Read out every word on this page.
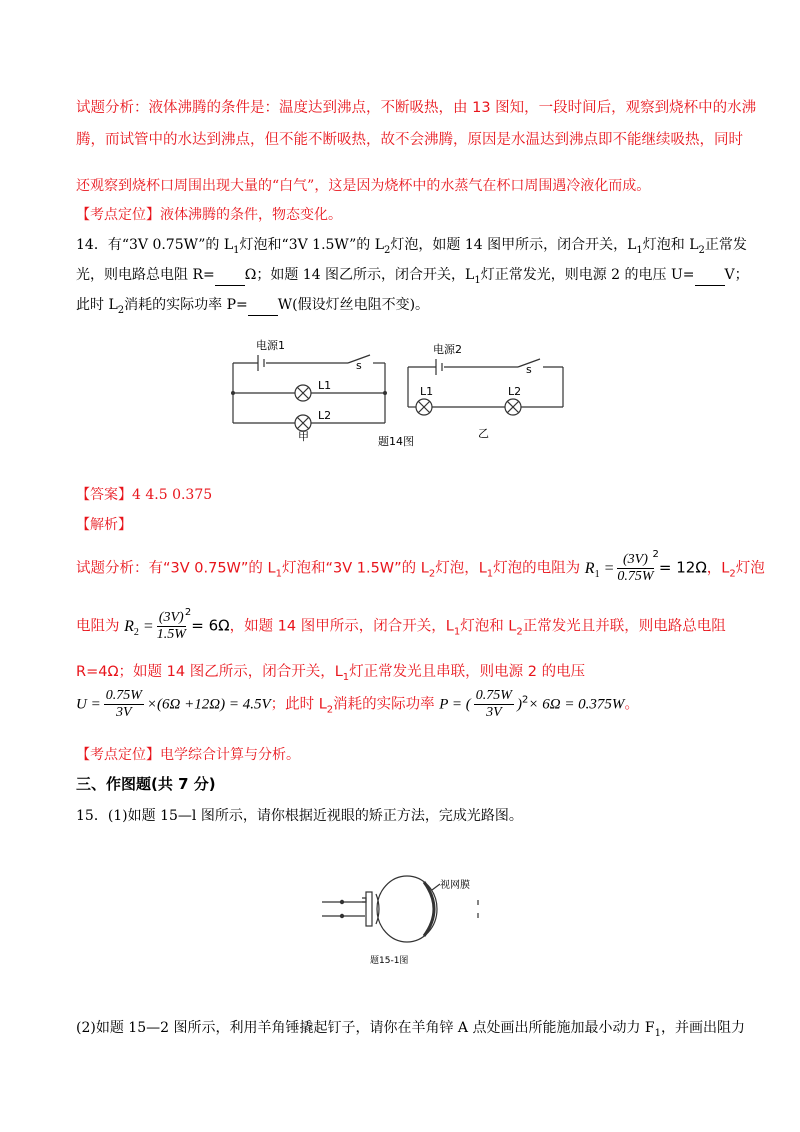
试题分析：液体沸腾的条件是：温度达到沸点，不断吸热，由 13 图知，一段时间后，观察到烧杯中的水沸
腾，而试管中的水达到沸点，但不能不断吸热，故不会沸腾，原因是水温达到沸点即不能继续吸热，同时
还观察到烧杯口周围出现大量的“白气”，这是因为烧杯中的水蒸气在杯口周围遇冷液化而成。
【考点定位】液体沸腾的条件，物态变化。
14．有“3V 0.75W”的 $L_1$灯泡和“3V 1.5W”的 $L_2$灯泡，如题 14 图甲所示，闭合开关，$L_1$灯泡和 $L_2$正常发
光，则电路总电阻 R= Ω；如题 14 图乙所示，闭合开关，$L_1$灯正常发光，则电源 2 的电压 U= V；
此时 $L_2$消耗的实际功率 P= W(假设灯丝电阻不变)。
电源1	电源2
s	s
L1
L2
L1	L2
甲	乙
题14图
【答案】4 4.5 0.375
【解析】
试题分析：有“3V 0.75W”的 $L_1$灯泡和“3V 1.5W”的 $L_2$灯泡，$L_1$灯泡的电阻为 $R_1 = \frac{(3V)}{0.75W} ^2= 12\Omega$，$L_2$灯泡
电阻为 $R_2 = \frac{(3V)}{1.5W} ^2= 6\Omega$，如题 14 图甲所示，闭合开关，$L_1$灯泡和 $L_2$正常发光且并联，则电路总电阻
R=4Ω；如题 14 图乙所示，闭合开关，$L_1$灯正常发光且串联，则电源 2 的电压
$U = \frac{0.75W}{3V} \times(6\Omega +12\Omega) = 4.5V$；此时 $L_2$消耗的实际功率 P = ( $\frac{0.75W}{3V} )^2\times 6\Omega = 0.375W$。
【考点定位】电学综合计算与分析。
三、作图题(共 7 分)
15．(1)如题 15—l 图所示，请你根据近视眼的矫正方法，完成光路图。
视网膜
题15-1图
(2)如题 15—2 图所示，利用羊角锤撬起钉子，请你在羊角锌 A 点处画出所能施加最小动力 $F_1$，并画出阻力
